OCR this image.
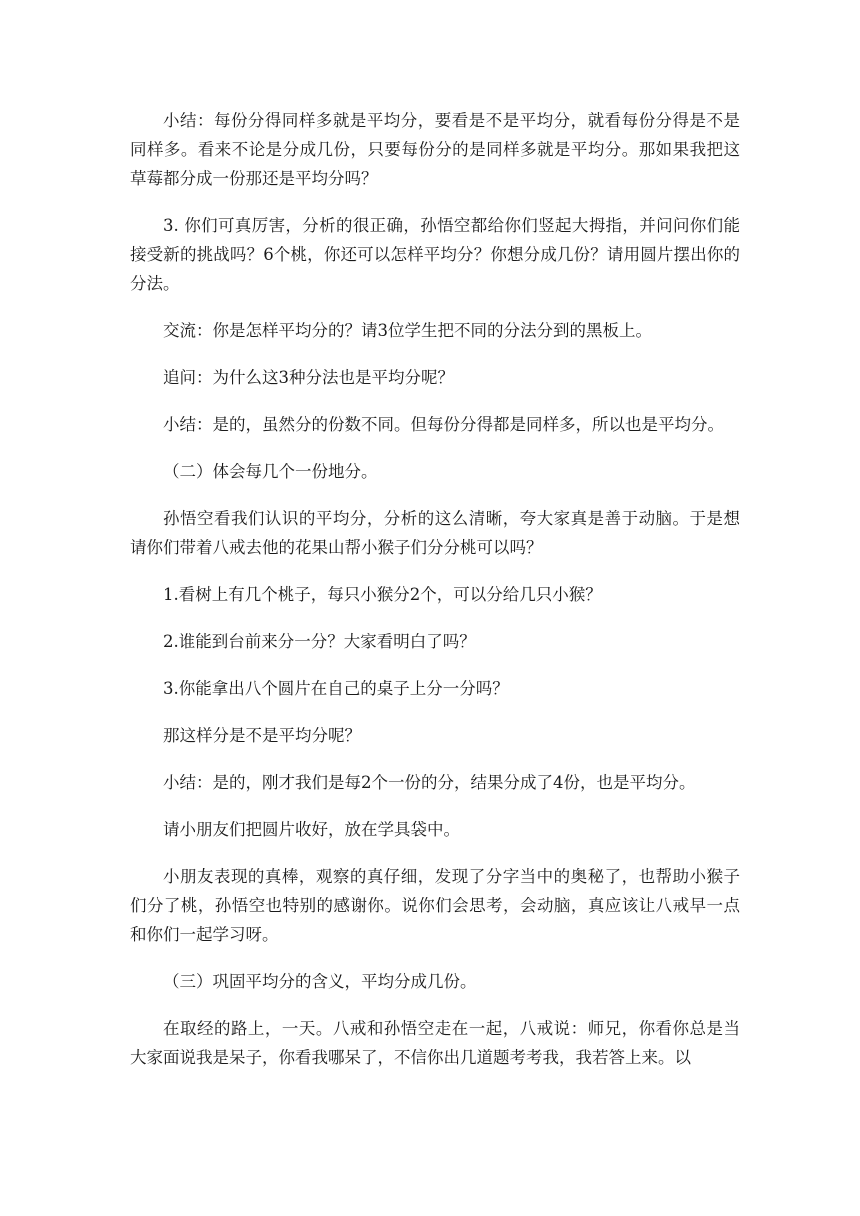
小结：每份分得同样多就是平均分，要看是不是平均分，就看每份分得是不是同样多。看来不论是分成几份，只要每份分的是同样多就是平均分。那如果我把这草莓都分成一份那还是平均分吗？

3. 你们可真厉害，分析的很正确，孙悟空都给你们竖起大拇指，并问问你们能接受新的挑战吗？6个桃，你还可以怎样平均分？你想分成几份？请用圆片摆出你的分法。

交流：你是怎样平均分的？请3位学生把不同的分法分到的黑板上。

追问：为什么这3种分法也是平均分呢？

小结：是的，虽然分的份数不同。但每份分得都是同样多，所以也是平均分。

（二）体会每几个一份地分。

孙悟空看我们认识的平均分，分析的这么清晰，夸大家真是善于动脑。于是想请你们带着八戒去他的花果山帮小猴子们分分桃可以吗？

1.看树上有几个桃子，每只小猴分2个，可以分给几只小猴？

2.谁能到台前来分一分？大家看明白了吗？

3.你能拿出八个圆片在自己的桌子上分一分吗？

那这样分是不是平均分呢？

小结：是的，刚才我们是每2个一份的分，结果分成了4份，也是平均分。

请小朋友们把圆片收好，放在学具袋中。

小朋友表现的真棒，观察的真仔细，发现了分字当中的奥秘了，也帮助小猴子们分了桃，孙悟空也特别的感谢你。说你们会思考，会动脑，真应该让八戒早一点和你们一起学习呀。

（三）巩固平均分的含义，平均分成几份。

在取经的路上，一天。八戒和孙悟空走在一起，八戒说：师兄，你看你总是当大家面说我是呆子，你看我哪呆了，不信你出几道题考考我，我若答上来。以
